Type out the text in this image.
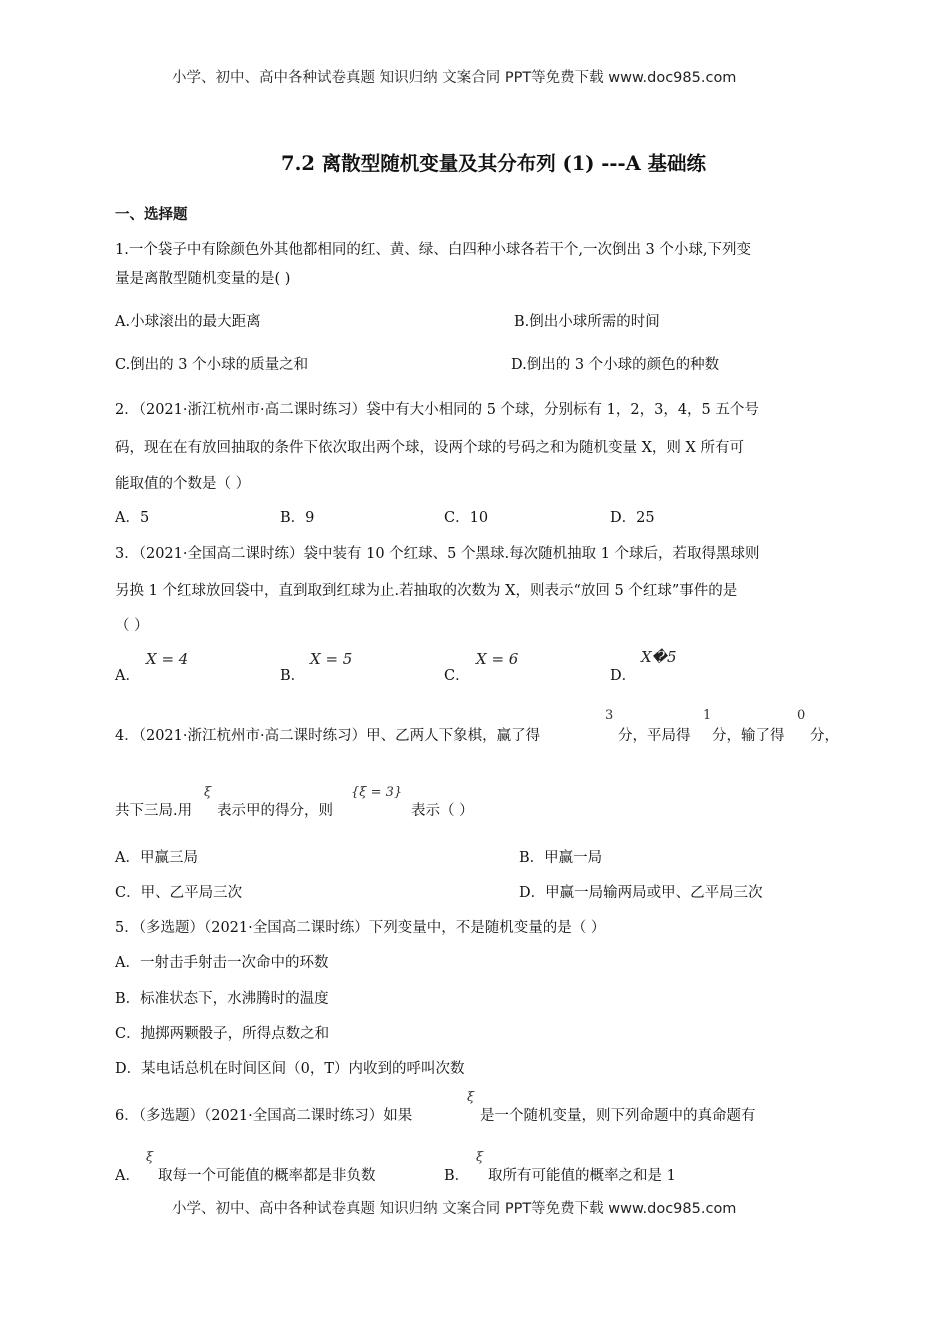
小学、初中、高中各种试卷真题 知识归纳 文案合同 PPT等免费下载 www.doc985.com
7.2 离散型随机变量及其分布列 (1) ---A 基础练
一、选择题
1.一个袋子中有除颜色外其他都相同的红、黄、绿、白四种小球各若干个,一次倒出 3 个小球,下列变
量是离散型随机变量的是( )
A.小球滚出的最大距离	B.倒出小球所需的时间
C.倒出的 3 个小球的质量之和	D.倒出的 3 个小球的颜色的种数
2．（2021·浙江杭州市·高二课时练习）袋中有大小相同的 5 个球，分别标有 1，2，3，4，5 五个号
码，现在在有放回抽取的条件下依次取出两个球，设两个球的号码之和为随机变量 X，则 X 所有可
能取值的个数是（ ）
A．5	B．9	C．10	D．25
3．（2021·全国高二课时练）袋中装有 10 个红球、5 个黑球.每次随机抽取 1 个球后，若取得黑球则
另换 1 个红球放回袋中，直到取到红球为止.若抽取的次数为 X，则表示“放回 5 个红球”事件的是
（ ）
A．
X = 4
B．
X = 5
C．
X = 6
D．
X�5
4．（2021·浙江杭州市·高二课时练习）甲、乙两人下象棋，赢了得
3
分，平局得
1
分，输了得
0
分，
共下三局.用
ξ
表示甲的得分，则
{ξ = 3}
表示（ ）
A．甲赢三局	B．甲赢一局
C．甲、乙平局三次	D．甲赢一局输两局或甲、乙平局三次
5．（多选题）（2021·全国高二课时练）下列变量中，不是随机变量的是（ ）
A．一射击手射击一次命中的环数
B．标准状态下，水沸腾时的温度
C．抛掷两颗骰子，所得点数之和
D．某电话总机在时间区间（0，T）内收到的呼叫次数
6．（多选题）（2021·全国高二课时练习）如果
ξ
是一个随机变量，则下列命题中的真命题有
A．
ξ
取每一个可能值的概率都是非负数	B．
ξ
取所有可能值的概率之和是 1
小学、初中、高中各种试卷真题 知识归纳 文案合同 PPT等免费下载 www.doc985.com
